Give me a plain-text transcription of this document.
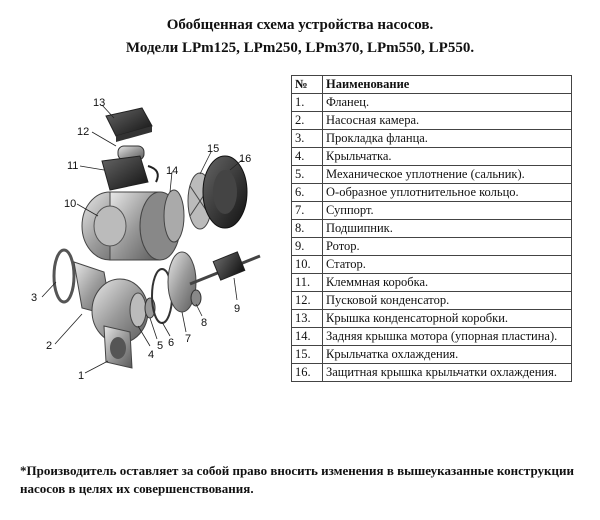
Обобщенная схема устройства насосов.
Модели LPm125, LPm250, LPm370, LPm550, LP550.
13
12
11
10
14
15
16
3
2
1
4
5 6 7
8
9
№	Наименование
1.	Фланец.
2.	Насосная камера.
3.	Прокладка фланца.
4.	Крыльчатка.
5.	Механическое уплотнение (сальник).
6.	О-образное уплотнительное кольцо.
7.	Суппорт.
8.	Подшипник.
9.	Ротор.
10.	Статор.
11.	Клеммная коробка.
12.	Пусковой конденсатор.
13.	Крышка конденсаторной коробки.
14.	Задняя крышка мотора (упорная пластина).
15.	Крыльчатка охлаждения.
16.	Защитная крышка крыльчатки охлаждения.
*Производитель оставляет за собой право вносить изменения в вышеуказанные конструкции насосов в целях их совершенствования.
